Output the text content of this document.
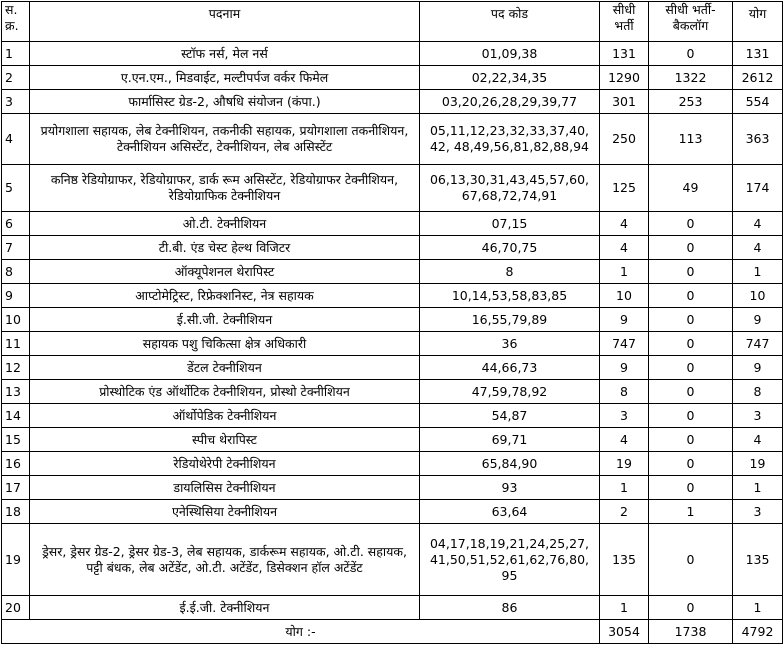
स. क्र.	पदनाम	पद कोड	सीधी भर्ती	सीधी भर्ती- बैकलॉग	योग
1	स्टॉफ नर्स, मेल नर्स	01,09,38	131	0	131
2	ए.एन.एम., मिडवाईट, मल्टीपर्पज वर्कर फिमेल	02,22,34,35	1290	1322	2612
3	फार्मासिस्ट ग्रेड-2, औषधि संयोजन (कंपा.)	03,20,26,28,29,39,77	301	253	554
4	प्रयोगशाला सहायक, लेब टेक्नीशियन, तकनीकी सहायक, प्रयोगशाला तकनीशियन, टेक्नीशियन असिस्टेंट, टेक्नीशियन, लेब असिस्टेंट	05,11,12,23,32,33,37,40, 42, 48,49,56,81,82,88,94	250	113	363
5	कनिष्ठ रेडियोग्राफर, रेडियोग्राफर, डार्क रूम असिस्टेंट, रेडियोग्राफर टेक्नीशियन, रेडियोग्राफिक टेक्नीशियन	06,13,30,31,43,45,57,60, 67,68,72,74,91	125	49	174
6	ओ.टी. टेक्नीशियन	07,15	4	0	4
7	टी.बी. एंड चेस्ट हेल्थ विजिटर	46,70,75	4	0	4
8	ऑक्यूपेशनल थेरापिस्ट	8	1	0	1
9	आप्टोमेट्रिस्ट, रिफ्रेक्शनिस्ट, नेत्र सहायक	10,14,53,58,83,85	10	0	10
10	ई.सी.जी. टेक्नीशियन	16,55,79,89	9	0	9
11	सहायक पशु चिकित्सा क्षेत्र अधिकारी	36	747	0	747
12	डेंटल टेक्नीशियन	44,66,73	9	0	9
13	प्रोस्थोटिक एंड ऑर्थोटिक टेक्नीशियन, प्रोस्थो टेक्नीशियन	47,59,78,92	8	0	8
14	ऑर्थोपेडिक टेक्नीशियन	54,87	3	0	3
15	स्पीच थेरापिस्ट	69,71	4	0	4
16	रेडियोथेरेपी टेक्नीशियन	65,84,90	19	0	19
17	डायलिसिस टेक्नीशियन	93	1	0	1
18	एनेस्थिसिया टेक्नीशियन	63,64	2	1	3
19	ड्रेसर, ड्रेसर ग्रेड-2, ड्रेसर ग्रेड-3, लेब सहायक, डार्करूम सहायक, ओ.टी. सहायक, पट्टी बंधक, लेब अटेंडेंट, ओ.टी. अटेंडेंट, डिसेक्शन हॉल अटेंडेंट	04,17,18,19,21,24,25,27, 41,50,51,52,61,62,76,80, 95	135	0	135
20	ई.ई.जी. टेक्नीशियन	86	1	0	1
योग :-			3054	1738	4792
